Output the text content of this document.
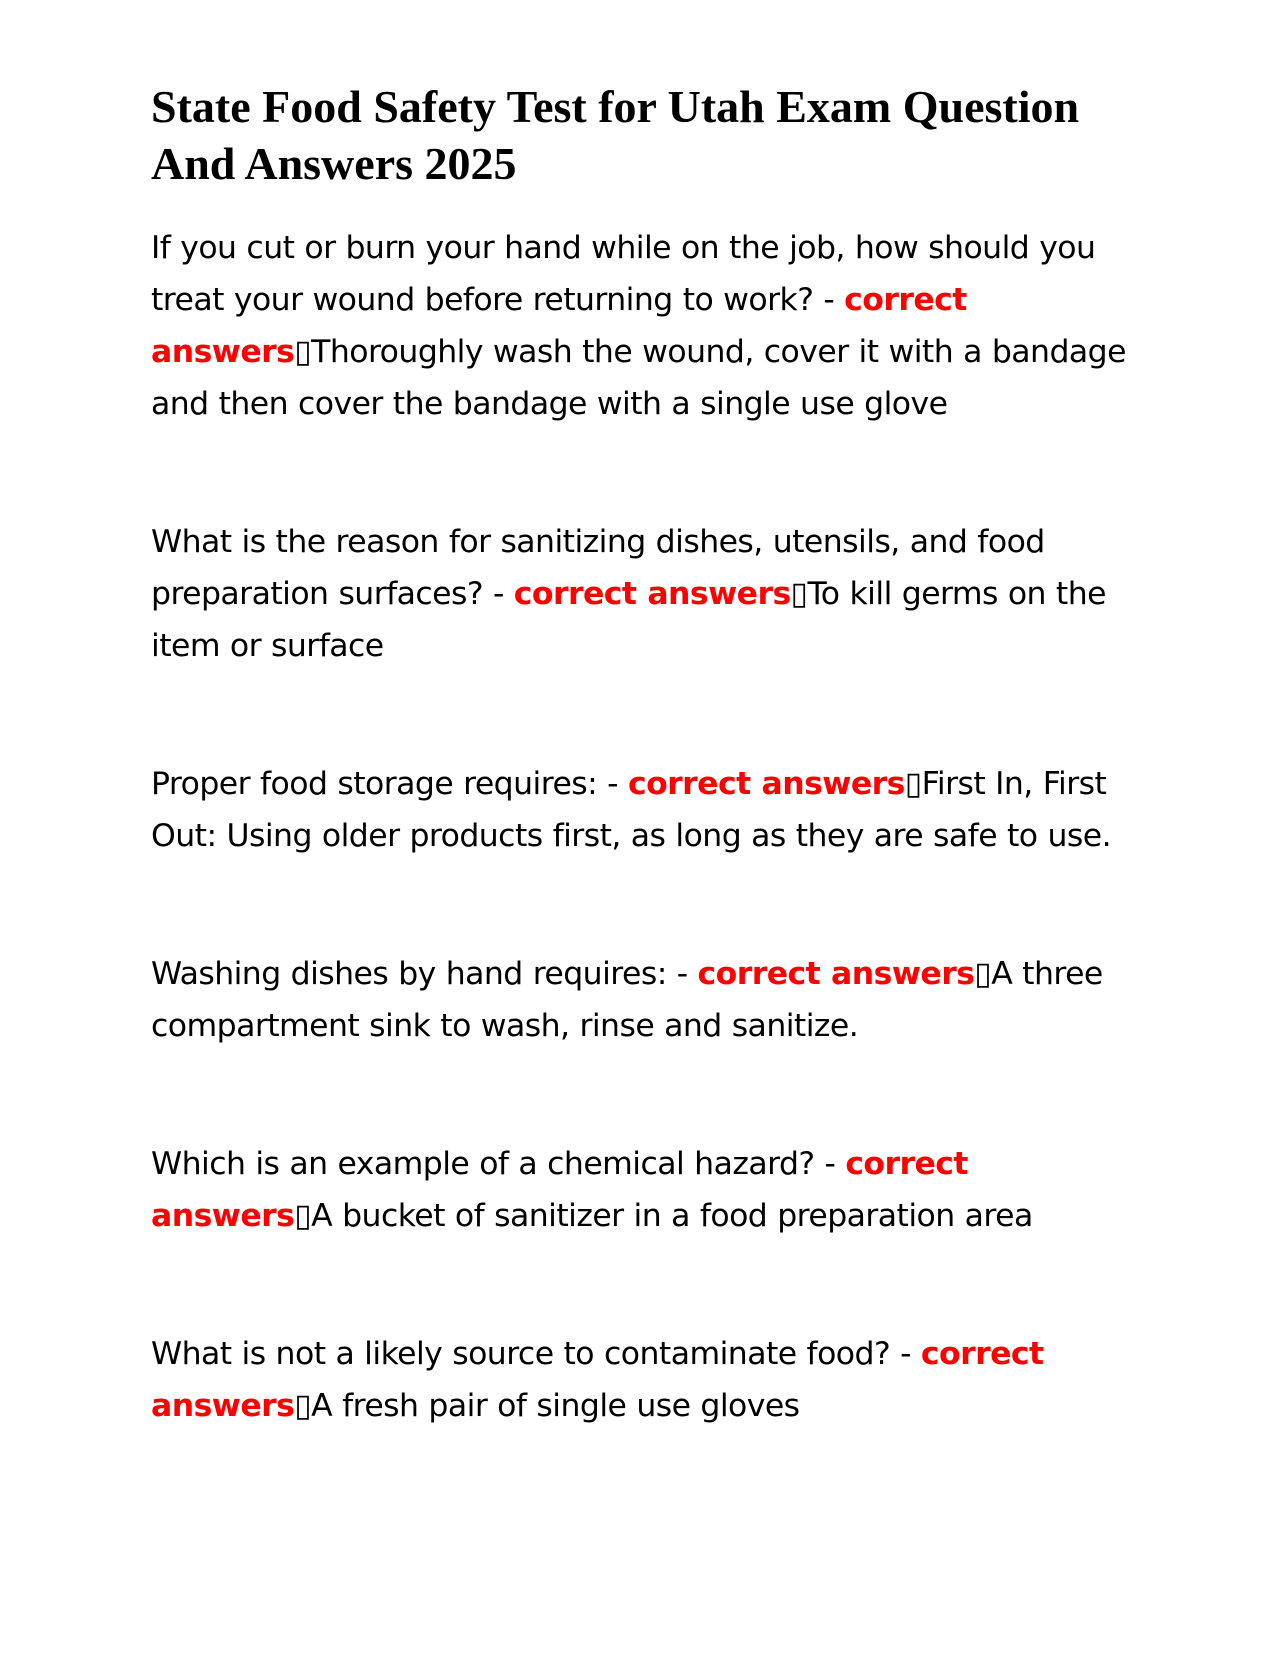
State Food Safety Test for Utah Exam Question And Answers 2025

If you cut or burn your hand while on the job, how should you treat your wound before returning to work? - correct answers▯Thoroughly wash the wound, cover it with a bandage and then cover the bandage with a single use glove

What is the reason for sanitizing dishes, utensils, and food preparation surfaces? - correct answers▯To kill germs on the item or surface

Proper food storage requires: - correct answers▯First In, First Out: Using older products first, as long as they are safe to use.

Washing dishes by hand requires: - correct answers▯A three compartment sink to wash, rinse and sanitize.

Which is an example of a chemical hazard? - correct answers▯A bucket of sanitizer in a food preparation area

What is not a likely source to contaminate food? - correct answers▯A fresh pair of single use gloves
